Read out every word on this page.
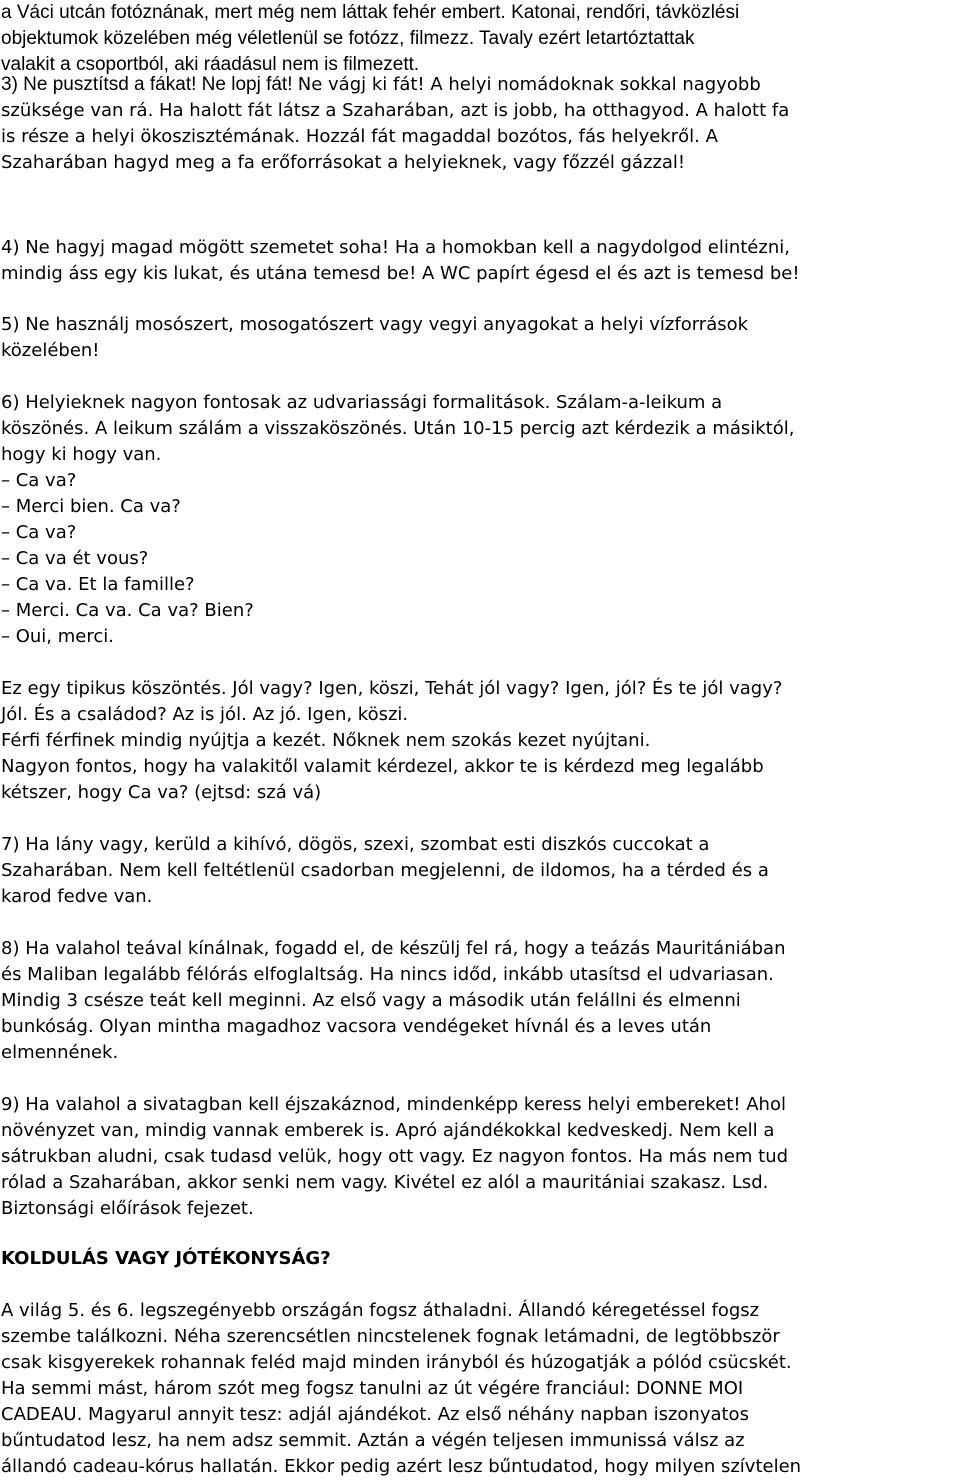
a Váci utcán fotóznának, mert még nem láttak fehér embert. Katonai, rendőri, távközlési
objektumok közelében még véletlenül se fotózz, filmezz. Tavaly ezért letartóztattak
valakit a csoportból, aki ráadásul nem is filmezett.
3) Ne pusztítsd a fákat! Ne lopj fát! Ne vágj ki fát! A helyi nomádoknak sokkal nagyobb
szüksége van rá. Ha halott fát látsz a Szaharában, azt is jobb, ha otthagyod. A halott fa
is része a helyi ökoszisztémának. Hozzál fát magaddal bozótos, fás helyekről. A
Szaharában hagyd meg a fa erőforrásokat a helyieknek, vagy főzzél gázzal!
4) Ne hagyj magad mögött szemetet soha! Ha a homokban kell a nagydolgod elintézni,
mindig áss egy kis lukat, és utána temesd be! A WC papírt égesd el és azt is temesd be!
5) Ne használj mosószert, mosogatószert vagy vegyi anyagokat a helyi vízforrások
közelében!
6) Helyieknek nagyon fontosak az udvariassági formalitások. Szálam-a-leikum a
köszönés. A leikum szálám a visszaköszönés. Után 10-15 percig azt kérdezik a másiktól,
hogy ki hogy van.
– Ca va?
– Merci bien. Ca va?
– Ca va?
– Ca va ét vous?
– Ca va. Et la famille?
– Merci. Ca va. Ca va? Bien?
– Oui, merci.
Ez egy tipikus köszöntés. Jól vagy? Igen, köszi, Tehát jól vagy? Igen, jól? És te jól vagy?
Jól. És a családod? Az is jól. Az jó. Igen, köszi.
Férfi férfinek mindig nyújtja a kezét. Nőknek nem szokás kezet nyújtani.
Nagyon fontos, hogy ha valakitől valamit kérdezel, akkor te is kérdezd meg legalább
kétszer, hogy Ca va? (ejtsd: szá vá)
7) Ha lány vagy, kerüld a kihívó, dögös, szexi, szombat esti diszkós cuccokat a
Szaharában. Nem kell feltétlenül csadorban megjelenni, de ildomos, ha a térded és a
karod fedve van.
8) Ha valahol teával kínálnak, fogadd el, de készülj fel rá, hogy a teázás Mauritániában
és Maliban legalább félórás elfoglaltság. Ha nincs időd, inkább utasítsd el udvariasan.
Mindig 3 csésze teát kell meginni. Az első vagy a második után felállni és elmenni
bunkóság. Olyan mintha magadhoz vacsora vendégeket hívnál és a leves után
elmennének.
9) Ha valahol a sivatagban kell éjszakáznod, mindenképp keress helyi embereket! Ahol
növényzet van, mindig vannak emberek is. Apró ajándékokkal kedveskedj. Nem kell a
sátrukban aludni, csak tudasd velük, hogy ott vagy. Ez nagyon fontos. Ha más nem tud
rólad a Szaharában, akkor senki nem vagy. Kivétel ez alól a mauritániai szakasz. Lsd.
Biztonsági előírások fejezet.
KOLDULÁS VAGY JÓTÉKONYSÁG?
A világ 5. és 6. legszegényebb országán fogsz áthaladni. Állandó kéregetéssel fogsz
szembe találkozni. Néha szerencsétlen nincstelenek fognak letámadni, de legtöbbször
csak kisgyerekek rohannak feléd majd minden irányból és húzogatják a pólód csücskét.
Ha semmi mást, három szót meg fogsz tanulni az út végére franciául: DONNE MOI
CADEAU. Magyarul annyit tesz: adjál ajándékot. Az első néhány napban iszonyatos
bűntudatod lesz, ha nem adsz semmit. Aztán a végén teljesen immunissá válsz az
állandó cadeau-kórus hallatán. Ekkor pedig azért lesz bűntudatod, hogy milyen szívtelen
